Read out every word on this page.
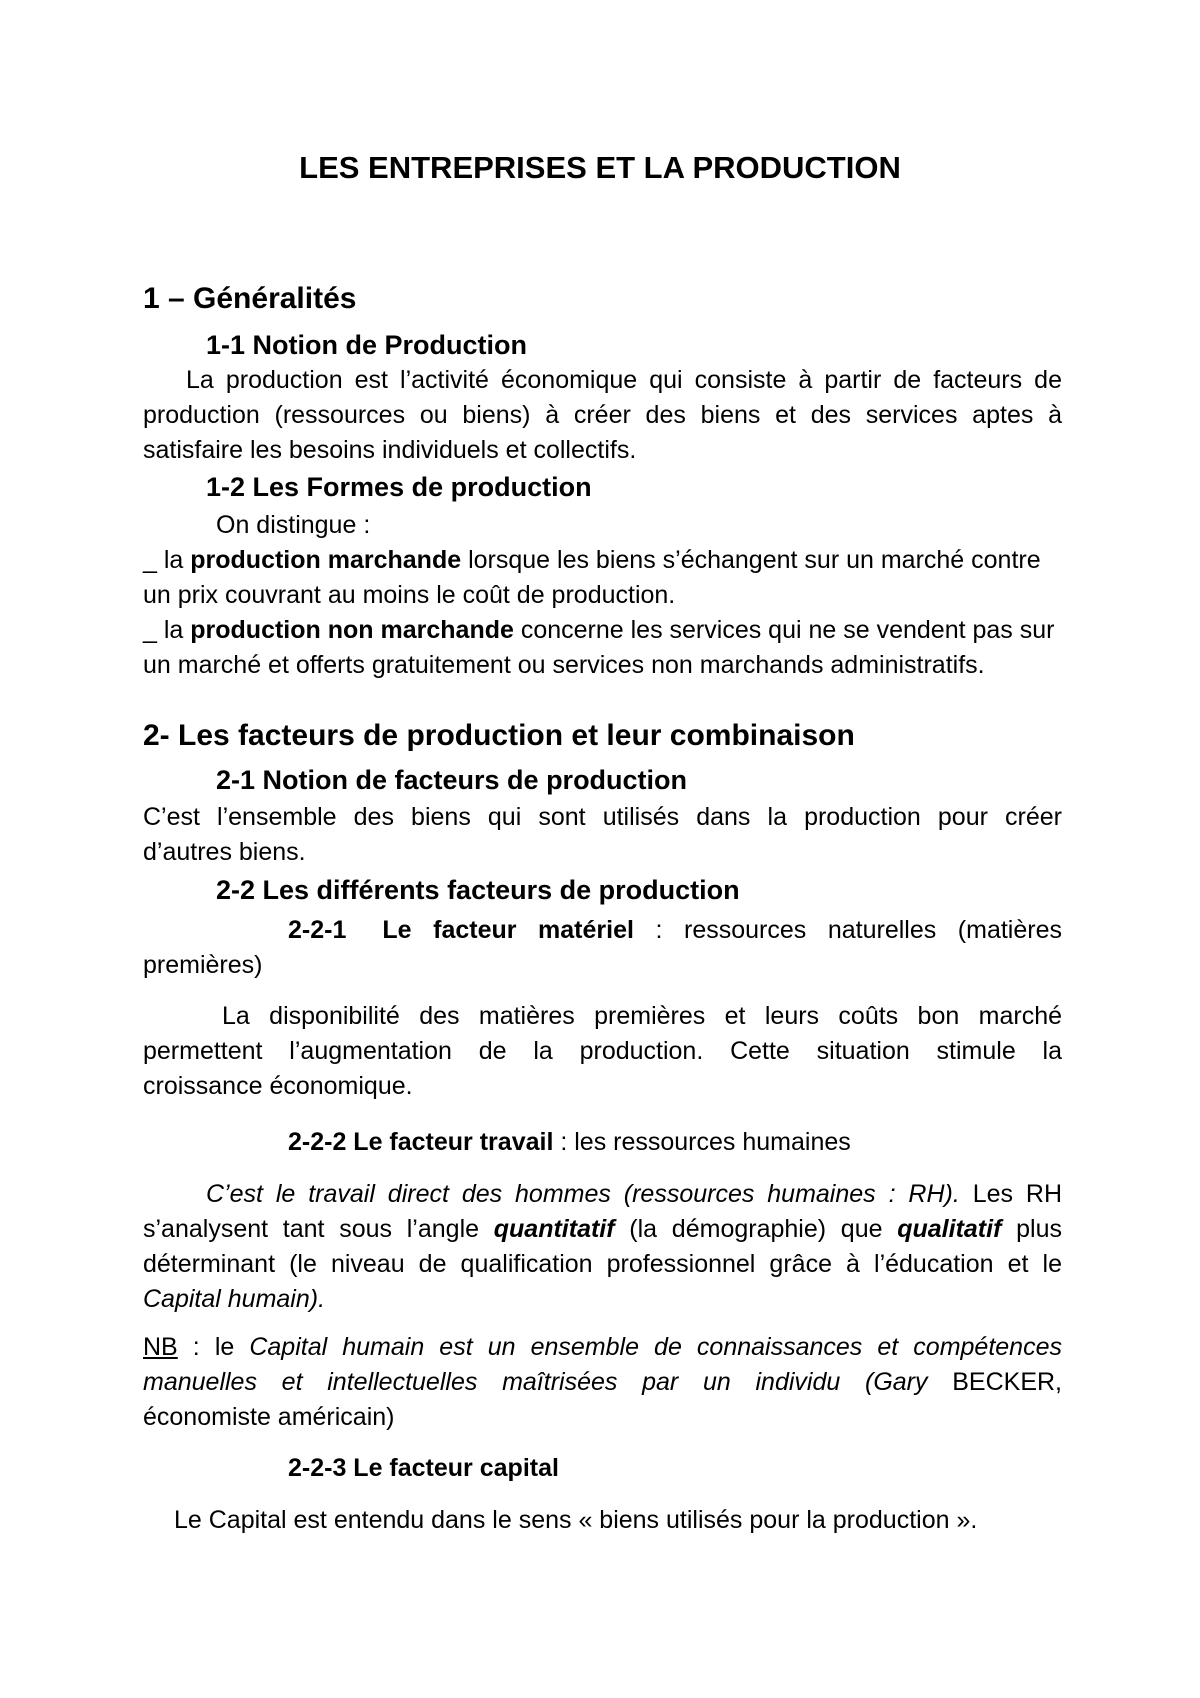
LES ENTREPRISES ET LA PRODUCTION

1 – Généralités

1-1 Notion de Production

La production est l’activité économique qui consiste à partir de facteurs de

production (ressources ou biens) à créer des biens et des services aptes à

satisfaire les besoins individuels et collectifs.

1-2 Les Formes de production

On distingue :

_ la production marchande lorsque les biens s’échangent sur un marché contre

un prix couvrant au moins le coût de production.

_ la production non marchande concerne les services qui ne se vendent pas sur

un marché et offerts gratuitement ou services non marchands administratifs.

2- Les facteurs de production et leur combinaison

2-1 Notion de facteurs de production

C’est l’ensemble des biens qui sont utilisés dans la production pour créer

d’autres biens.

2-2 Les différents facteurs de production

2-2-1 Le facteur matériel : ressources naturelles (matières

premières)

La disponibilité des matières premières et leurs coûts bon marché

permettent l’augmentation de la production. Cette situation stimule la

croissance économique.

2-2-2 Le facteur travail : les ressources humaines

C’est le travail direct des hommes (ressources humaines : RH). Les RH

s’analysent tant sous l’angle quantitatif (la démographie) que qualitatif plus

déterminant (le niveau de qualification professionnel grâce à l’éducation et le

Capital humain).

NB : le Capital humain est un ensemble de connaissances et compétences

manuelles et intellectuelles maîtrisées par un individu (Gary BECKER,

économiste américain)

2-2-3 Le facteur capital

Le Capital est entendu dans le sens « biens utilisés pour la production ».
